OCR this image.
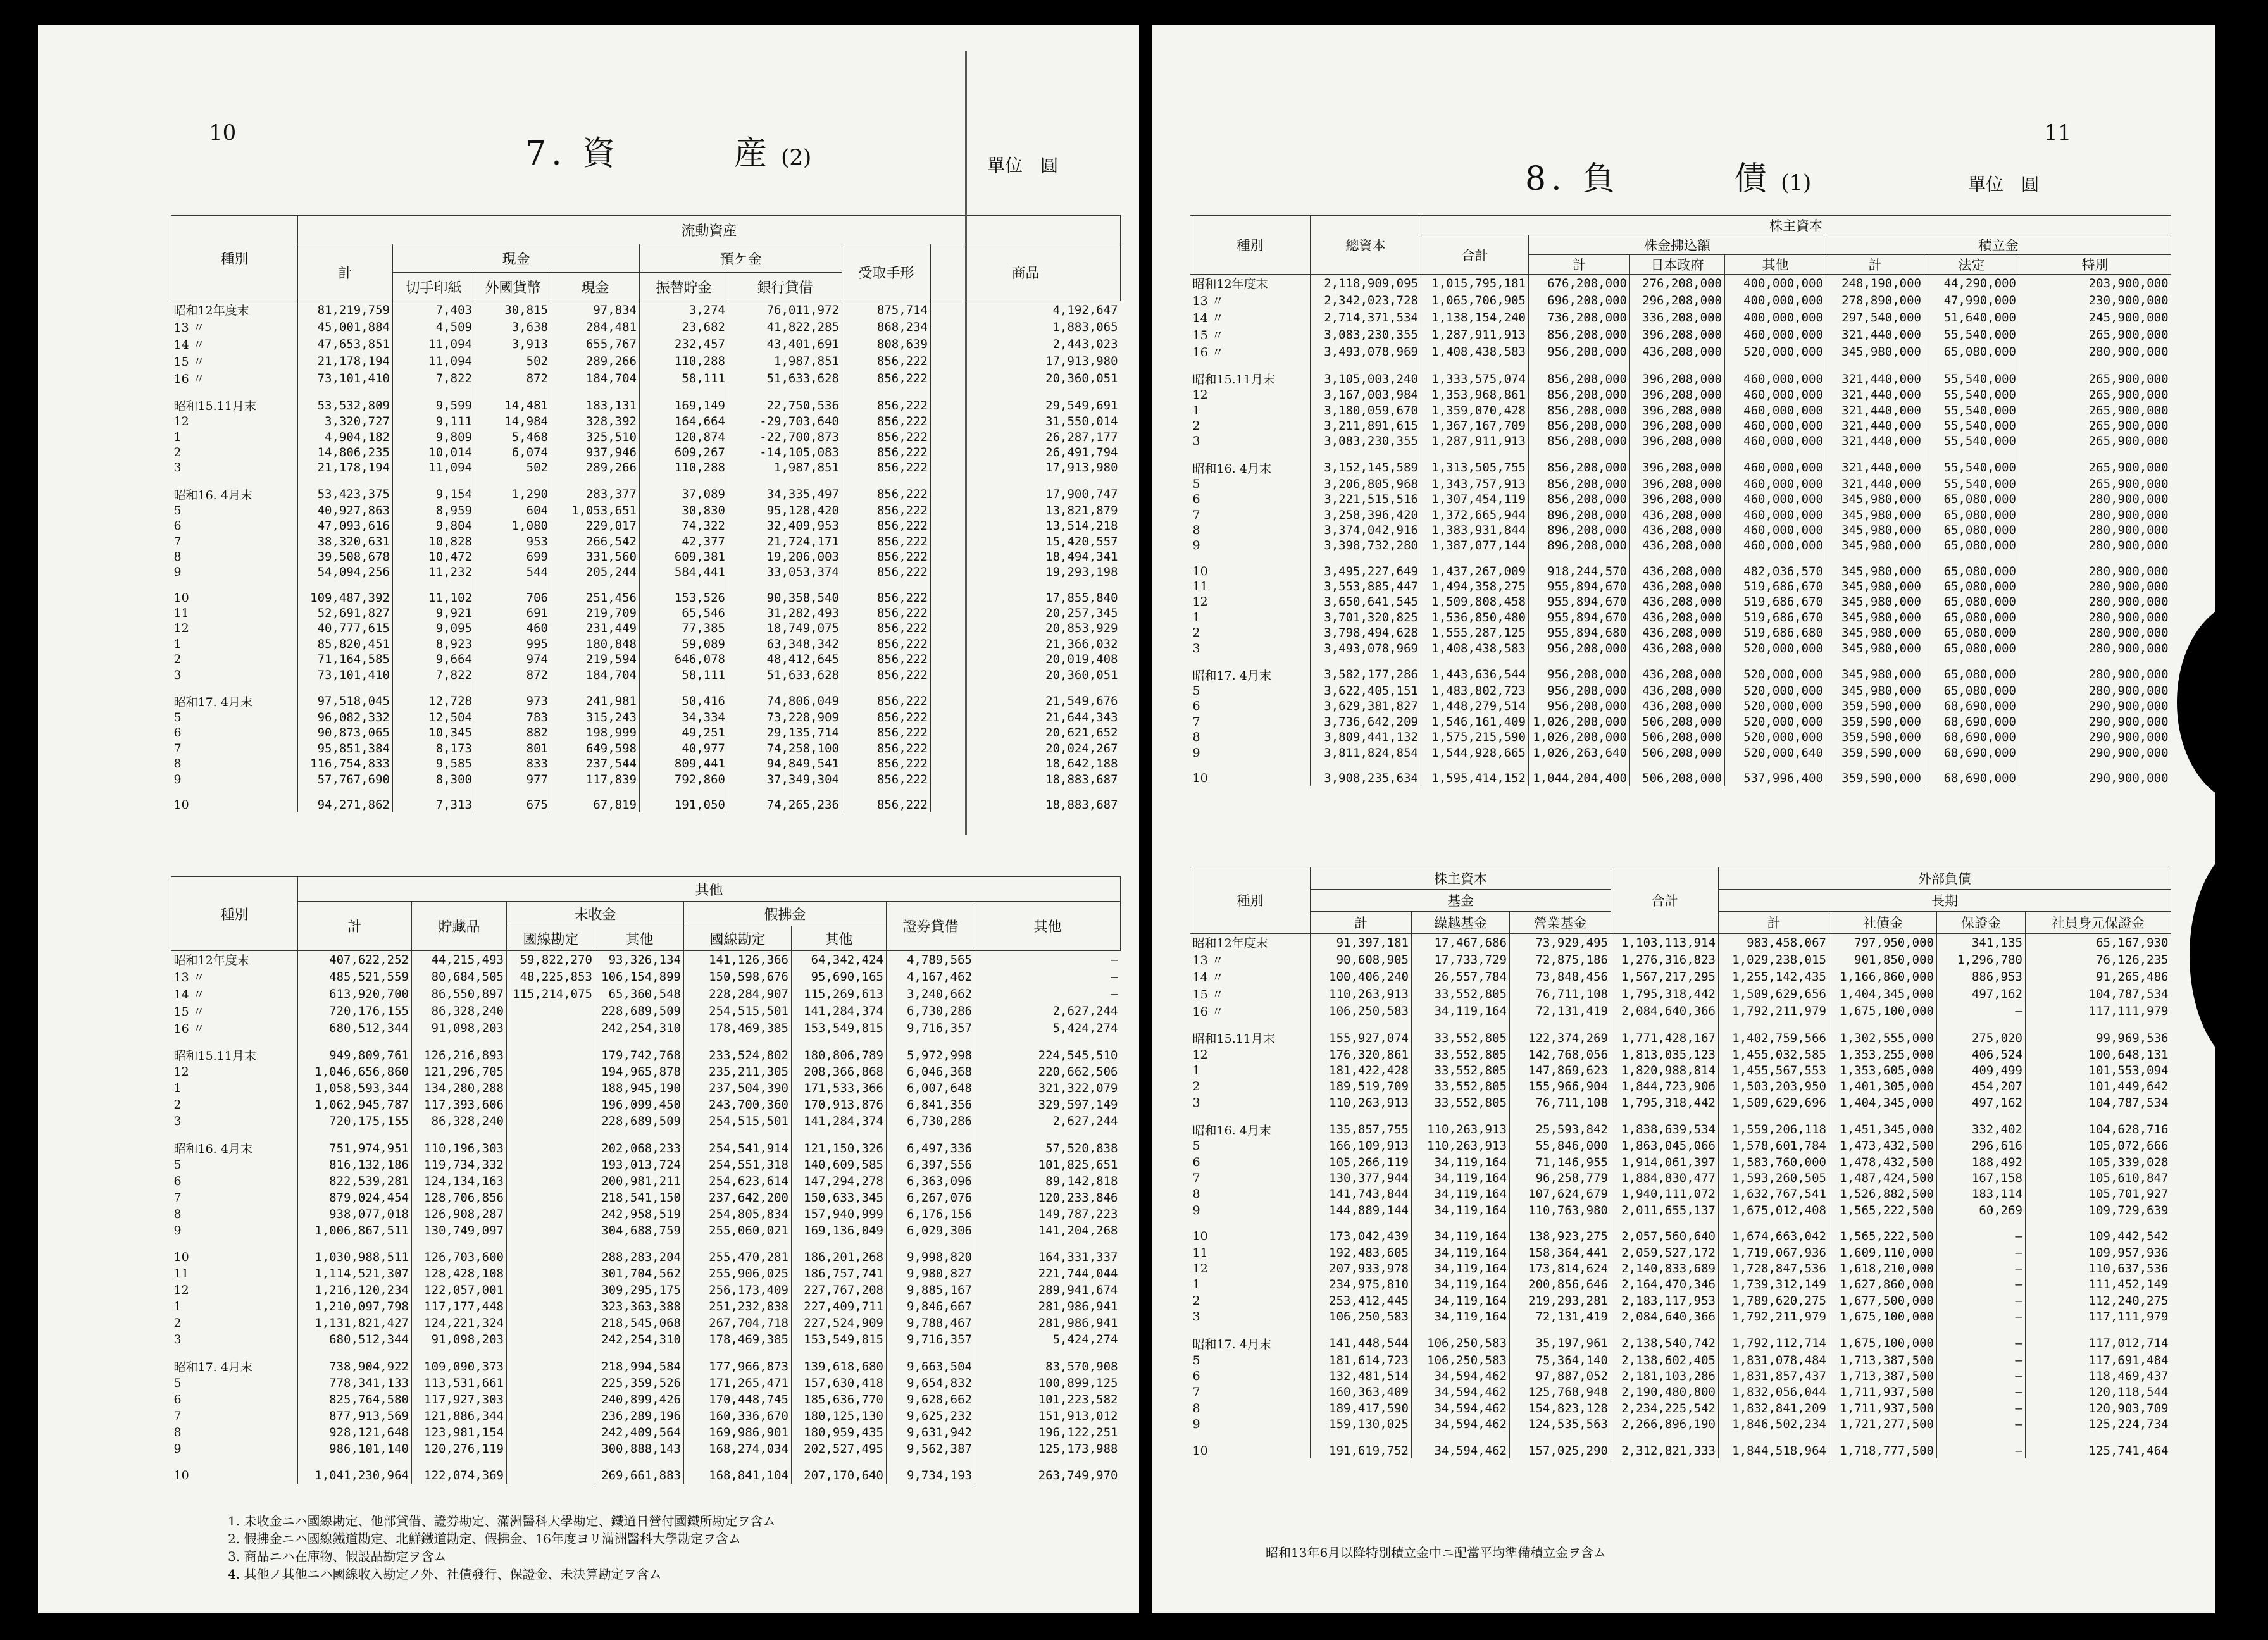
10
7. 資　　　産 (2)	單位　圓
種別	流動資産							
	計	現金			預ケ金		受取手形	商品
		切手印紙	外國貨幣	現金	振替貯金	銀行貸借		
昭和12年度末	81,219,759	7,403	30,815	97,834	3,274	76,011,972	875,714	4,192,647
13 〃	45,001,884	4,509	3,638	284,481	23,682	41,822,285	868,234	1,883,065
14 〃	47,653,851	11,094	3,913	655,767	232,457	43,401,691	808,639	2,443,023
15 〃	21,178,194	11,094	502	289,266	110,288	1,987,851	856,222	17,913,980
16 〃	73,101,410	7,822	872	184,704	58,111	51,633,628	856,222	20,360,051

昭和15.11月末	53,532,809	9,599	14,481	183,131	169,149	22,750,536	856,222	29,549,691
12	3,320,727	9,111	14,984	328,392	164,664	-29,703,640	856,222	31,550,014
1	4,904,182	9,809	5,468	325,510	120,874	-22,700,873	856,222	26,287,177
2	14,806,235	10,014	6,074	937,946	609,267	-14,105,083	856,222	26,491,794
3	21,178,194	11,094	502	289,266	110,288	1,987,851	856,222	17,913,980

昭和16. 4月末	53,423,375	9,154	1,290	283,377	37,089	34,335,497	856,222	17,900,747
5	40,927,863	8,959	604	1,053,651	30,830	95,128,420	856,222	13,821,879
6	47,093,616	9,804	1,080	229,017	74,322	32,409,953	856,222	13,514,218
7	38,320,631	10,828	953	266,542	42,377	21,724,171	856,222	15,420,557
8	39,508,678	10,472	699	331,560	609,381	19,206,003	856,222	18,494,341
9	54,094,256	11,232	544	205,244	584,441	33,053,374	856,222	19,293,198

10	109,487,392	11,102	706	251,456	153,526	90,358,540	856,222	17,855,840
11	52,691,827	9,921	691	219,709	65,546	31,282,493	856,222	20,257,345
12	40,777,615	9,095	460	231,449	77,385	18,749,075	856,222	20,853,929
1	85,820,451	8,923	995	180,848	59,089	63,348,342	856,222	21,366,032
2	71,164,585	9,664	974	219,594	646,078	48,412,645	856,222	20,019,408
3	73,101,410	7,822	872	184,704	58,111	51,633,628	856,222	20,360,051

昭和17. 4月末	97,518,045	12,728	973	241,981	50,416	74,806,049	856,222	21,549,676
5	96,082,332	12,504	783	315,243	34,334	73,228,909	856,222	21,644,343
6	90,873,065	10,345	882	198,999	49,251	29,135,714	856,222	20,621,652
7	95,851,384	8,173	801	649,598	40,977	74,258,100	856,222	20,024,267
8	116,754,833	9,585	833	237,544	809,441	94,849,541	856,222	18,642,188
9	57,767,690	8,300	977	117,839	792,860	37,349,304	856,222	18,883,687

10	94,271,862	7,313	675	67,819	191,050	74,265,236	856,222	18,883,687
種別	其他							
	計	貯藏品	未收金		假拂金		證券貸借	其他
			國線勘定	其他	國線勘定	其他		
昭和12年度末	407,622,252	44,215,493	59,822,270	93,326,134	141,126,366	64,342,424	4,789,565	—
13 〃	485,521,559	80,684,505	48,225,853	106,154,899	150,598,676	95,690,165	4,167,462	—
14 〃	613,920,700	86,550,897	115,214,075	65,360,548	228,284,907	115,269,613	3,240,662	—
15 〃	720,176,155	86,328,240		228,689,509	254,515,501	141,284,374	6,730,286	2,627,244
16 〃	680,512,344	91,098,203		242,254,310	178,469,385	153,549,815	9,716,357	5,424,274

昭和15.11月末	949,809,761	126,216,893		179,742,768	233,524,802	180,806,789	5,972,998	224,545,510
12	1,046,656,860	121,296,705		194,965,878	235,211,305	208,366,868	6,046,368	220,662,506
1	1,058,593,344	134,280,288		188,945,190	237,504,390	171,533,366	6,007,648	321,322,079
2	1,062,945,787	117,393,606		196,099,450	243,700,360	170,913,876	6,841,356	329,597,149
3	720,175,155	86,328,240		228,689,509	254,515,501	141,284,374	6,730,286	2,627,244

昭和16. 4月末	751,974,951	110,196,303		202,068,233	254,541,914	121,150,326	6,497,336	57,520,838
5	816,132,186	119,734,332		193,013,724	254,551,318	140,609,585	6,397,556	101,825,651
6	822,539,281	124,134,163		200,981,211	254,623,614	147,294,278	6,363,096	89,142,818
7	879,024,454	128,706,856		218,541,150	237,642,200	150,633,345	6,267,076	120,233,846
8	938,077,018	126,908,287		242,958,519	254,805,834	157,940,999	6,176,156	149,787,223
9	1,006,867,511	130,749,097		304,688,759	255,060,021	169,136,049	6,029,306	141,204,268

10	1,030,988,511	126,703,600		288,283,204	255,470,281	186,201,268	9,998,820	164,331,337
11	1,114,521,307	128,428,108		301,704,562	255,906,025	186,757,741	9,980,827	221,744,044
12	1,216,120,234	122,057,001		309,295,175	256,173,409	227,767,208	9,885,167	289,941,674
1	1,210,097,798	117,177,448		323,363,388	251,232,838	227,409,711	9,846,667	281,986,941
2	1,131,821,427	124,221,324		218,545,068	267,704,718	227,524,909	9,788,467	281,986,941
3	680,512,344	91,098,203		242,254,310	178,469,385	153,549,815	9,716,357	5,424,274

昭和17. 4月末	738,904,922	109,090,373		218,994,584	177,966,873	139,618,680	9,663,504	83,570,908
5	778,341,133	113,531,661		225,359,526	171,265,471	157,630,418	9,654,832	100,899,125
6	825,764,580	117,927,303		240,899,426	170,448,745	185,636,770	9,628,662	101,223,582
7	877,913,569	121,886,344		236,289,196	160,336,670	180,125,130	9,625,232	151,913,012
8	928,121,648	123,981,154		242,409,564	169,986,901	180,959,435	9,631,942	196,122,251
9	986,101,140	120,276,119		300,888,143	168,274,034	202,527,495	9,562,387	125,173,988

10	1,041,230,964	122,074,369		269,661,883	168,841,104	207,170,640	9,734,193	263,749,970
1. 未收金ニハ國線勘定、他部貸借、證券勘定、滿洲醫科大學勘定、鐵道日營付國鐵所勘定ヲ含ム
2. 假拂金ニハ國線鐵道勘定、北鮮鐵道勘定、假拂金、16年度ヨリ滿洲醫科大學勘定ヲ含ム
3. 商品ニハ在庫物、假設品勘定ヲ含ム
4. 其他ノ其他ニハ國線收入勘定ノ外、社債發行、保證金、未決算勘定ヲ含ム
11
8. 負　　　債 (1)	單位　圓
種別	總資本	株主資本						
		合計	株金拂込額			積立金		
			計	日本政府	其他	計	法定	特別
昭和12年度末	2,118,909,095	1,015,795,181	676,208,000	276,208,000	400,000,000	248,190,000	44,290,000	203,900,000
13 〃	2,342,023,728	1,065,706,905	696,208,000	296,208,000	400,000,000	278,890,000	47,990,000	230,900,000
14 〃	2,714,371,534	1,138,154,240	736,208,000	336,208,000	400,000,000	297,540,000	51,640,000	245,900,000
15 〃	3,083,230,355	1,287,911,913	856,208,000	396,208,000	460,000,000	321,440,000	55,540,000	265,900,000
16 〃	3,493,078,969	1,408,438,583	956,208,000	436,208,000	520,000,000	345,980,000	65,080,000	280,900,000

昭和15.11月末	3,105,003,240	1,333,575,074	856,208,000	396,208,000	460,000,000	321,440,000	55,540,000	265,900,000
12	3,167,003,984	1,353,968,861	856,208,000	396,208,000	460,000,000	321,440,000	55,540,000	265,900,000
1	3,180,059,670	1,359,070,428	856,208,000	396,208,000	460,000,000	321,440,000	55,540,000	265,900,000
2	3,211,891,615	1,367,167,709	856,208,000	396,208,000	460,000,000	321,440,000	55,540,000	265,900,000
3	3,083,230,355	1,287,911,913	856,208,000	396,208,000	460,000,000	321,440,000	55,540,000	265,900,000

昭和16. 4月末	3,152,145,589	1,313,505,755	856,208,000	396,208,000	460,000,000	321,440,000	55,540,000	265,900,000
5	3,206,805,968	1,343,757,913	856,208,000	396,208,000	460,000,000	321,440,000	55,540,000	265,900,000
6	3,221,515,516	1,307,454,119	856,208,000	396,208,000	460,000,000	345,980,000	65,080,000	280,900,000
7	3,258,396,420	1,372,665,944	896,208,000	436,208,000	460,000,000	345,980,000	65,080,000	280,900,000
8	3,374,042,916	1,383,931,844	896,208,000	436,208,000	460,000,000	345,980,000	65,080,000	280,900,000
9	3,398,732,280	1,387,077,144	896,208,000	436,208,000	460,000,000	345,980,000	65,080,000	280,900,000

10	3,495,227,649	1,437,267,009	918,244,570	436,208,000	482,036,570	345,980,000	65,080,000	280,900,000
11	3,553,885,447	1,494,358,275	955,894,670	436,208,000	519,686,670	345,980,000	65,080,000	280,900,000
12	3,650,641,545	1,509,808,458	955,894,670	436,208,000	519,686,670	345,980,000	65,080,000	280,900,000
1	3,701,320,825	1,536,850,480	955,894,670	436,208,000	519,686,670	345,980,000	65,080,000	280,900,000
2	3,798,494,628	1,555,287,125	955,894,680	436,208,000	519,686,680	345,980,000	65,080,000	280,900,000
3	3,493,078,969	1,408,438,583	956,208,000	436,208,000	520,000,000	345,980,000	65,080,000	280,900,000

昭和17. 4月末	3,582,177,286	1,443,636,544	956,208,000	436,208,000	520,000,000	345,980,000	65,080,000	280,900,000
5	3,622,405,151	1,483,802,723	956,208,000	436,208,000	520,000,000	345,980,000	65,080,000	280,900,000
6	3,629,381,827	1,448,279,514	956,208,000	436,208,000	520,000,000	359,590,000	68,690,000	290,900,000
7	3,736,642,209	1,546,161,409	1,026,208,000	506,208,000	520,000,000	359,590,000	68,690,000	290,900,000
8	3,809,441,132	1,575,215,590	1,026,208,000	506,208,000	520,000,000	359,590,000	68,690,000	290,900,000
9	3,811,824,854	1,544,928,665	1,026,263,640	506,208,000	520,000,640	359,590,000	68,690,000	290,900,000

10	3,908,235,634	1,595,414,152	1,044,204,400	506,208,000	537,996,400	359,590,000	68,690,000	290,900,000
種別	株主資本			合計	外部負債			
	基金				長期			
	計	繰越基金	營業基金		計	社債金	保證金	社員身元保證金
昭和12年度末	91,397,181	17,467,686	73,929,495	1,103,113,914	983,458,067	797,950,000	341,135	65,167,930
13 〃	90,608,905	17,733,729	72,875,186	1,276,316,823	1,029,238,015	901,850,000	1,296,780	76,126,235
14 〃	100,406,240	26,557,784	73,848,456	1,567,217,295	1,255,142,435	1,166,860,000	886,953	91,265,486
15 〃	110,263,913	33,552,805	76,711,108	1,795,318,442	1,509,629,656	1,404,345,000	497,162	104,787,534
16 〃	106,250,583	34,119,164	72,131,419	2,084,640,366	1,792,211,979	1,675,100,000	—	117,111,979

昭和15.11月末	155,927,074	33,552,805	122,374,269	1,771,428,167	1,402,759,566	1,302,555,000	275,020	99,969,536
12	176,320,861	33,552,805	142,768,056	1,813,035,123	1,455,032,585	1,353,255,000	406,524	100,648,131
1	181,422,428	33,552,805	147,869,623	1,820,988,814	1,455,567,553	1,353,605,000	409,499	101,553,094
2	189,519,709	33,552,805	155,966,904	1,844,723,906	1,503,203,950	1,401,305,000	454,207	101,449,642
3	110,263,913	33,552,805	76,711,108	1,795,318,442	1,509,629,696	1,404,345,000	497,162	104,787,534

昭和16. 4月末	135,857,755	110,263,913	25,593,842	1,838,639,534	1,559,206,118	1,451,345,000	332,402	104,628,716
5	166,109,913	110,263,913	55,846,000	1,863,045,066	1,578,601,784	1,473,432,500	296,616	105,072,666
6	105,266,119	34,119,164	71,146,955	1,914,061,397	1,583,760,000	1,478,432,500	188,492	105,339,028
7	130,377,944	34,119,164	96,258,779	1,884,830,477	1,593,260,505	1,487,424,500	167,158	105,610,847
8	141,743,844	34,119,164	107,624,679	1,940,111,072	1,632,767,541	1,526,882,500	183,114	105,701,927
9	144,889,144	34,119,164	110,763,980	2,011,655,137	1,675,012,408	1,565,222,500	60,269	109,729,639

10	173,042,439	34,119,164	138,923,275	2,057,560,640	1,674,663,042	1,565,222,500	—	109,442,542
11	192,483,605	34,119,164	158,364,441	2,059,527,172	1,719,067,936	1,609,110,000	—	109,957,936
12	207,933,978	34,119,164	173,814,624	2,140,833,689	1,728,847,536	1,618,210,000	—	110,637,536
1	234,975,810	34,119,164	200,856,646	2,164,470,346	1,739,312,149	1,627,860,000	—	111,452,149
2	253,412,445	34,119,164	219,293,281	2,183,117,953	1,789,620,275	1,677,500,000	—	112,240,275
3	106,250,583	34,119,164	72,131,419	2,084,640,366	1,792,211,979	1,675,100,000	—	117,111,979

昭和17. 4月末	141,448,544	106,250,583	35,197,961	2,138,540,742	1,792,112,714	1,675,100,000	—	117,012,714
5	181,614,723	106,250,583	75,364,140	2,138,602,405	1,831,078,484	1,713,387,500	—	117,691,484
6	132,481,514	34,594,462	97,887,052	2,181,103,286	1,831,857,437	1,713,387,500	—	118,469,437
7	160,363,409	34,594,462	125,768,948	2,190,480,800	1,832,056,044	1,711,937,500	—	120,118,544
8	189,417,590	34,594,462	154,823,128	2,234,225,542	1,832,841,209	1,711,937,500	—	120,903,709
9	159,130,025	34,594,462	124,535,563	2,266,896,190	1,846,502,234	1,721,277,500	—	125,224,734

10	191,619,752	34,594,462	157,025,290	2,312,821,333	1,844,518,964	1,718,777,500	—	125,741,464
昭和13年6月以降特別積立金中ニ配當平均準備積立金ヲ含ム
